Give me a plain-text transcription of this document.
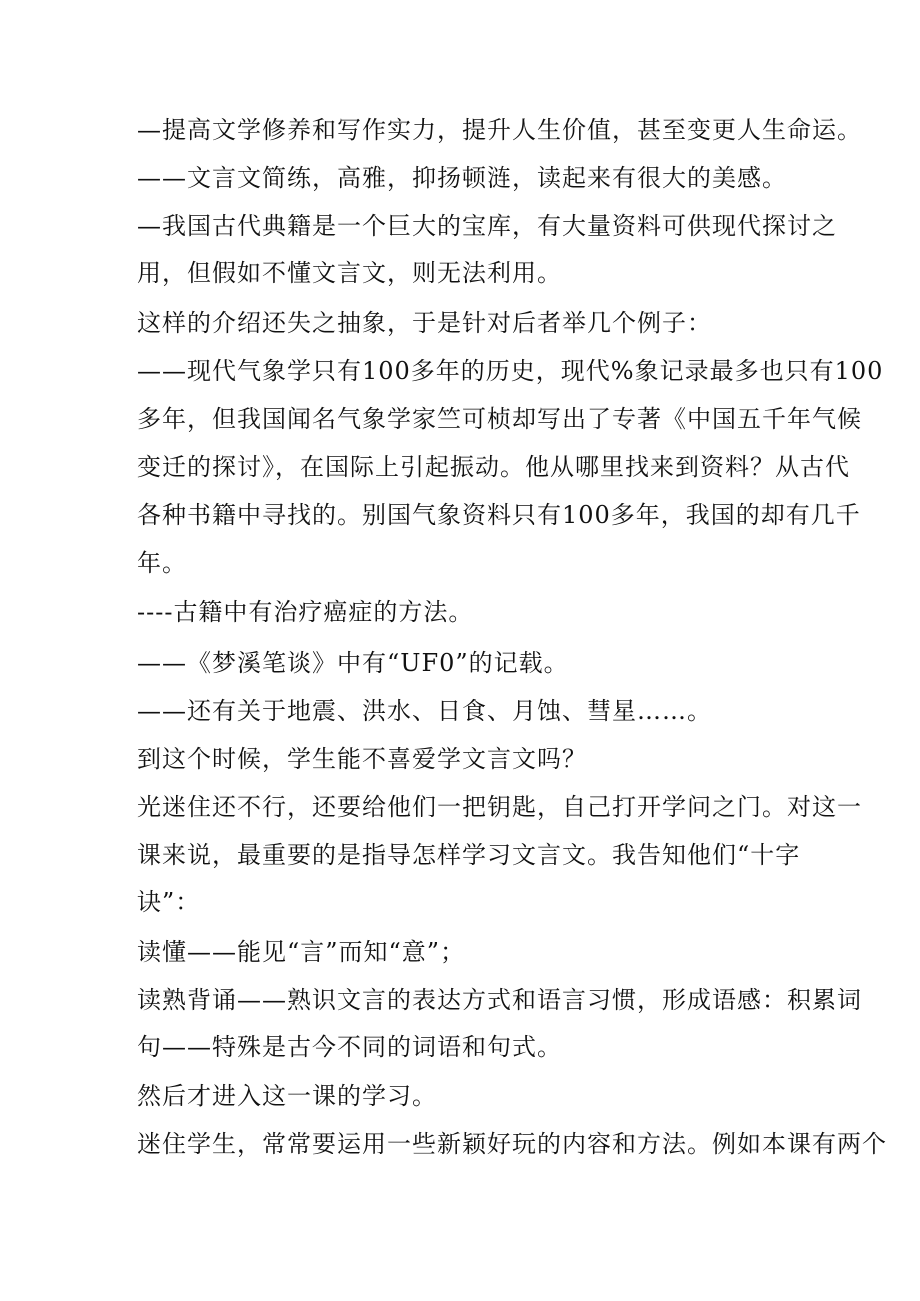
—提高文学修养和写作实力，提升人生价值，甚至变更人生命运。
——文言文简练，高雅，抑扬顿涟，读起来有很大的美感。
—我国古代典籍是一个巨大的宝库，有大量资料可供现代探讨之
用，但假如不懂文言文，则无法利用。
这样的介绍还失之抽象，于是针对后者举几个例子：
——现代气象学只有100多年的历史，现代%象记录最多也只有100
多年，但我国闻名气象学家竺可桢却写出了专著《中国五千年气候
变迁的探讨》，在国际上引起振动。他从哪里找来到资料？从古代
各种书籍中寻找的。别国气象资料只有100多年，我国的却有几千
年。
----古籍中有治疗癌症的方法。
——《梦溪笔谈》中有“UF0”的记载。
——还有关于地震、洪水、日食、月蚀、彗星……。
到这个时候，学生能不喜爱学文言文吗？
光迷住还不行，还要给他们一把钥匙，自己打开学问之门。对这一
课来说，最重要的是指导怎样学习文言文。我告知他们“十字
诀”：
读懂——能见“言”而知“意”；
读熟背诵——熟识文言的表达方式和语言习惯，形成语感：积累词
句——特殊是古今不同的词语和句式。
然后才进入这一课的学习。
迷住学生，常常要运用一些新颖好玩的内容和方法。例如本课有两个
